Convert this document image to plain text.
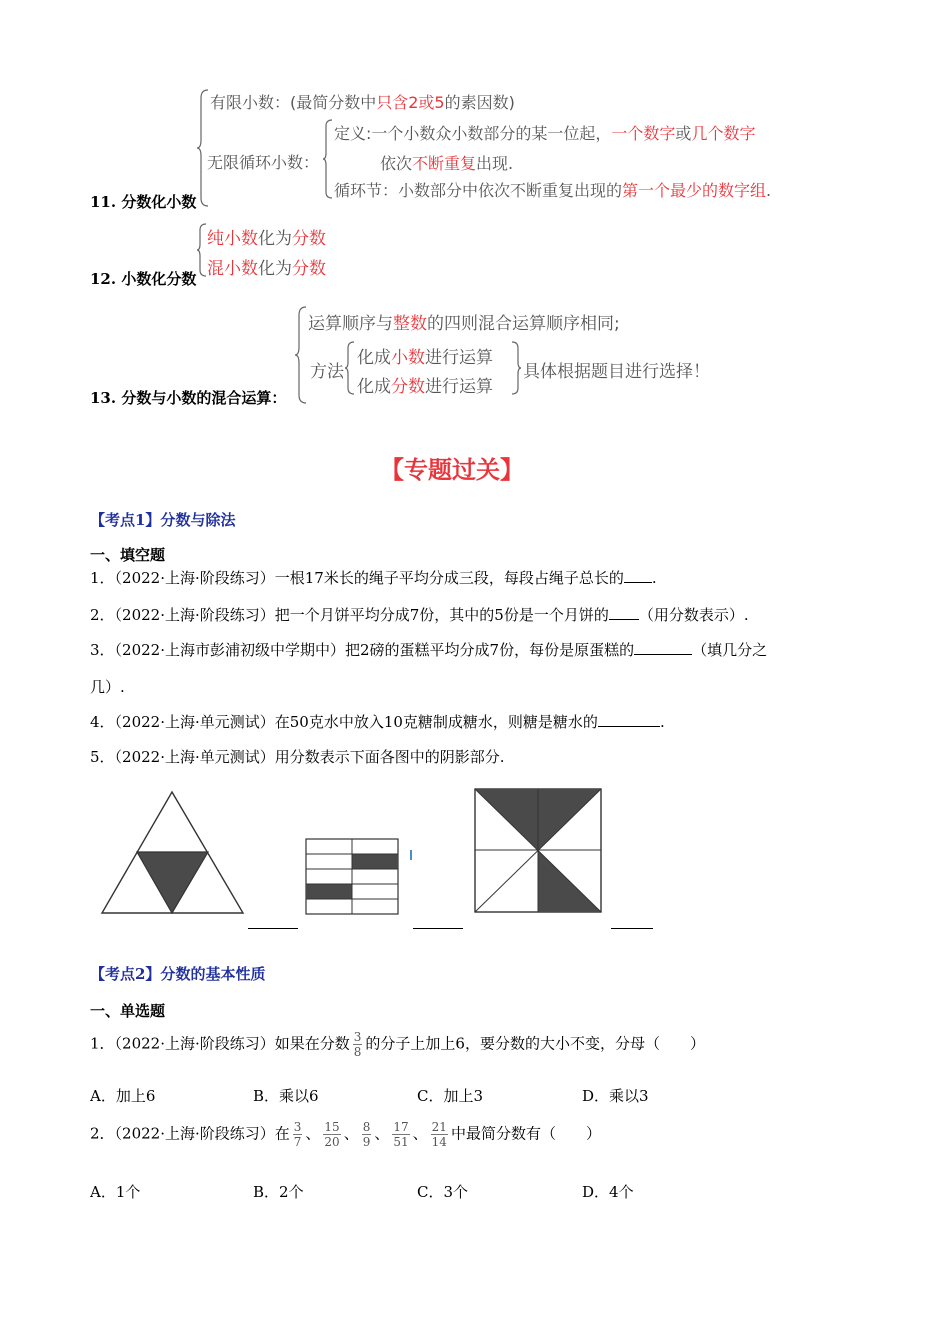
有限小数：(最简分数中只含2或5的素因数)
无限循环小数：
定义:一个小数众小数部分的某一位起，一个数字或几个数字
依次不断重复出现.
循环节：小数部分中依次不断重复出现的第一个最少的数字组.
11. 分数化小数
纯小数化为分数
混小数化为分数
12. 小数化分数
运算顺序与整数的四则混合运算顺序相同;
方法
化成小数进行运算
化成分数进行运算
具体根据题目进行选择！
13. 分数与小数的混合运算：
【专题过关】
【考点1】分数与除法
一、填空题
1．（2022·上海·阶段练习）一根17米长的绳子平均分成三段，每段占绳子总长的 .
2．（2022·上海·阶段练习）把一个月饼平均分成7份，其中的5份是一个月饼的 （用分数表示）.
3．（2022·上海市彭浦初级中学期中）把2磅的蛋糕平均分成7份，每份是原蛋糕的	（填几分之
几）.
4．（2022·上海·单元测试）在50克水中放入10克糖制成糖水，则糖是糖水的	.
5．（2022·上海·单元测试）用分数表示下面各图中的阴影部分.
【考点2】分数的基本性质
一、单选题
1．（2022·上海·阶段练习）如果在分数 $\frac{3}{8}$ 的分子上加上6，要分数的大小不变，分母（　　）
A．加上6	B．乘以6	C．加上3	D．乘以3
2．（2022·上海·阶段练习）在 $\frac{3}{7}$ 、 $\frac{15}{20}$ 、 $\frac{8}{9}$ 、 $\frac{17}{51}$ 、 $\frac{21}{14}$ 中最简分数有（　　）
A．1个	B．2个	C．3个	D．4个
